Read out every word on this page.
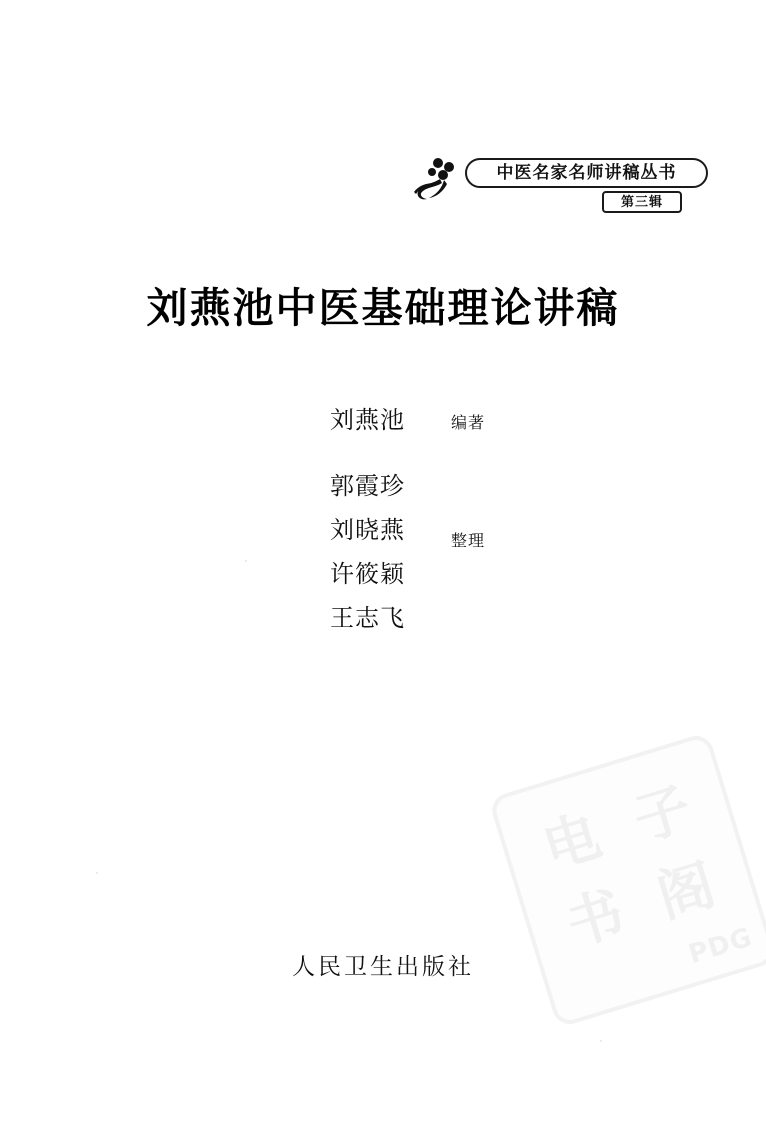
中医名家名师讲稿丛书
第三辑
刘燕池中医基础理论讲稿
刘燕池	编著
郭霞珍
刘晓燕
许筱颖
王志飞
整理
人民卫生出版社
电 子
书 阁
PDG
